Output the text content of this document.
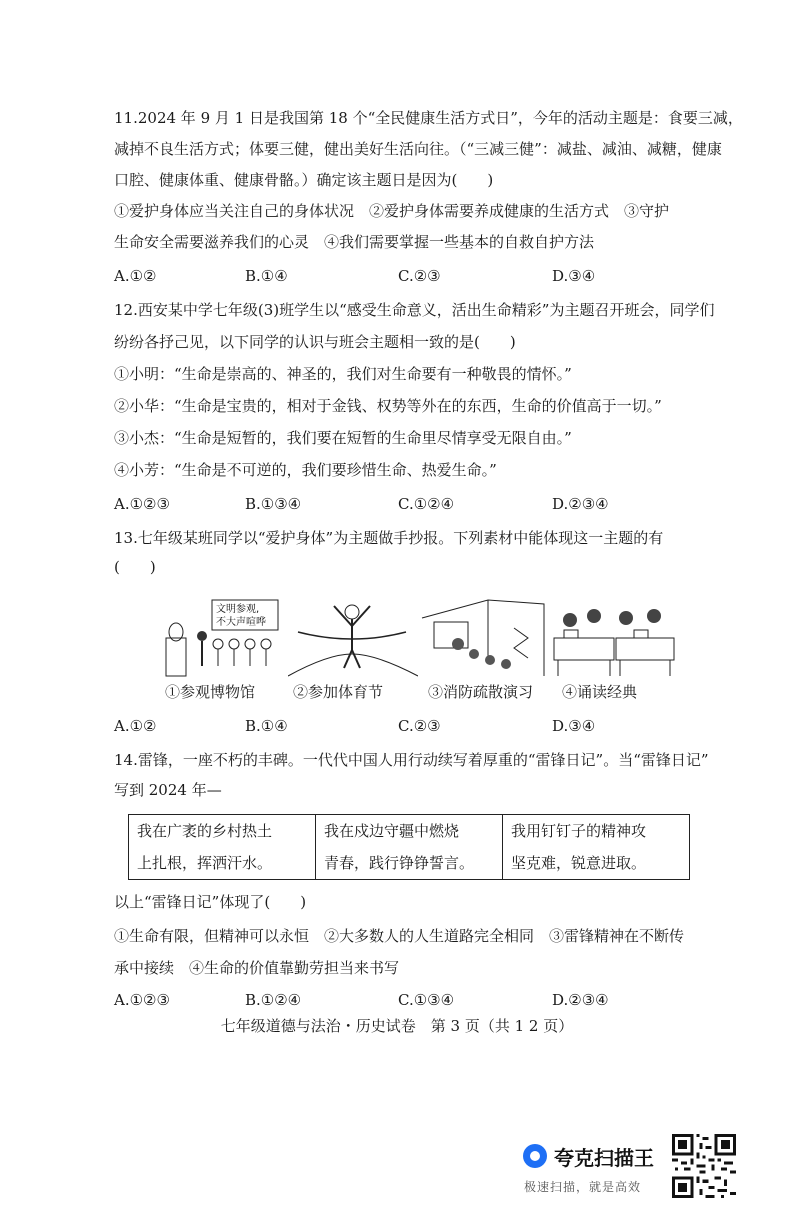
11.2024 年 9 月 1 日是我国第 18 个“全民健康生活方式日”，今年的活动主题是：食要三减，
减掉不良生活方式；体要三健，健出美好生活向往。（“三减三健”：减盐、减油、减糖，健康
口腔、健康体重、健康骨骼。）确定该主题日是因为(　　)
①爱护身体应当关注自己的身体状况　②爱护身体需要养成健康的生活方式　③守护
生命安全需要滋养我们的心灵　④我们需要掌握一些基本的自救自护方法
A.①②	B.①④	C.②③	D.③④
12.西安某中学七年级(3)班学生以“感受生命意义，活出生命精彩”为主题召开班会，同学们
纷纷各抒己见，以下同学的认识与班会主题相一致的是(　　)
①小明：“生命是崇高的、神圣的，我们对生命要有一种敬畏的情怀。”
②小华：“生命是宝贵的，相对于金钱、权势等外在的东西，生命的价值高于一切。”
③小杰：“生命是短暂的，我们要在短暂的生命里尽情享受无限自由。”
④小芳：“生命是不可逆的，我们要珍惜生命、热爱生命。”
A.①②③	B.①③④	C.①②④	D.②③④
13.七年级某班同学以“爱护身体”为主题做手抄报。下列素材中能体现这一主题的有
(　　)
文明参观,
不大声喧哗
①参观博物馆	②参加体育节	③消防疏散演习 ④诵读经典
A.①②	B.①④	C.②③	D.③④
14.雷锋，一座不朽的丰碑。一代代中国人用行动续写着厚重的“雷锋日记”。当“雷锋日记”
写到 2024 年—
我在广袤的乡村热土	我在戍边守疆中燃烧	我用钉钉子的精神攻
上扎根，挥洒汗水。	青春，践行铮铮誓言。	坚克难，锐意进取。
以上“雷锋日记”体现了(　　)
①生命有限，但精神可以永恒　②大多数人的人生道路完全相同　③雷锋精神在不断传
承中接续　④生命的价值靠勤劳担当来书写
A.①②③	B.①②④	C.①③④	D.②③④
七年级道德与法治・历史试卷　第 3 页（共 1 2 页）
夸克扫描王
极速扫描，就是高效
